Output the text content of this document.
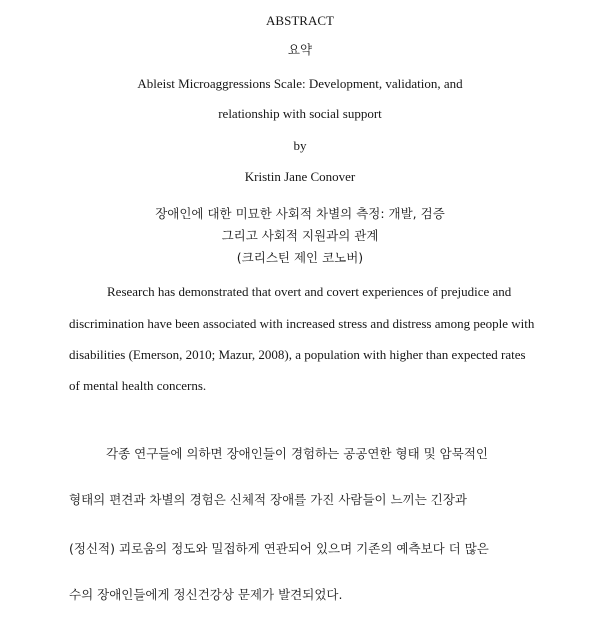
ABSTRACT
요약
Ableist Microaggressions Scale: Development, validation, and
relationship with social support
by
Kristin Jane Conover
장애인에 대한 미묘한 사회적 차별의 측정: 개발, 검증
그리고 사회적 지원과의 관계
(크리스틴 제인 코노버)
Research has demonstrated that overt and covert experiences of prejudice and
discrimination have been associated with increased stress and distress among people with
disabilities (Emerson, 2010; Mazur, 2008), a population with higher than expected rates
of mental health concerns.
각종 연구들에 의하면 장애인들이 경험하는 공공연한 형태 및 암묵적인
형태의 편견과 차별의 경험은 신체적 장애를 가진 사람들이 느끼는 긴장과
(정신적) 괴로움의 정도와 밀접하게 연관되어 있으며 기존의 예측보다 더 많은
수의 장애인들에게 정신건강상 문제가 발견되었다.
